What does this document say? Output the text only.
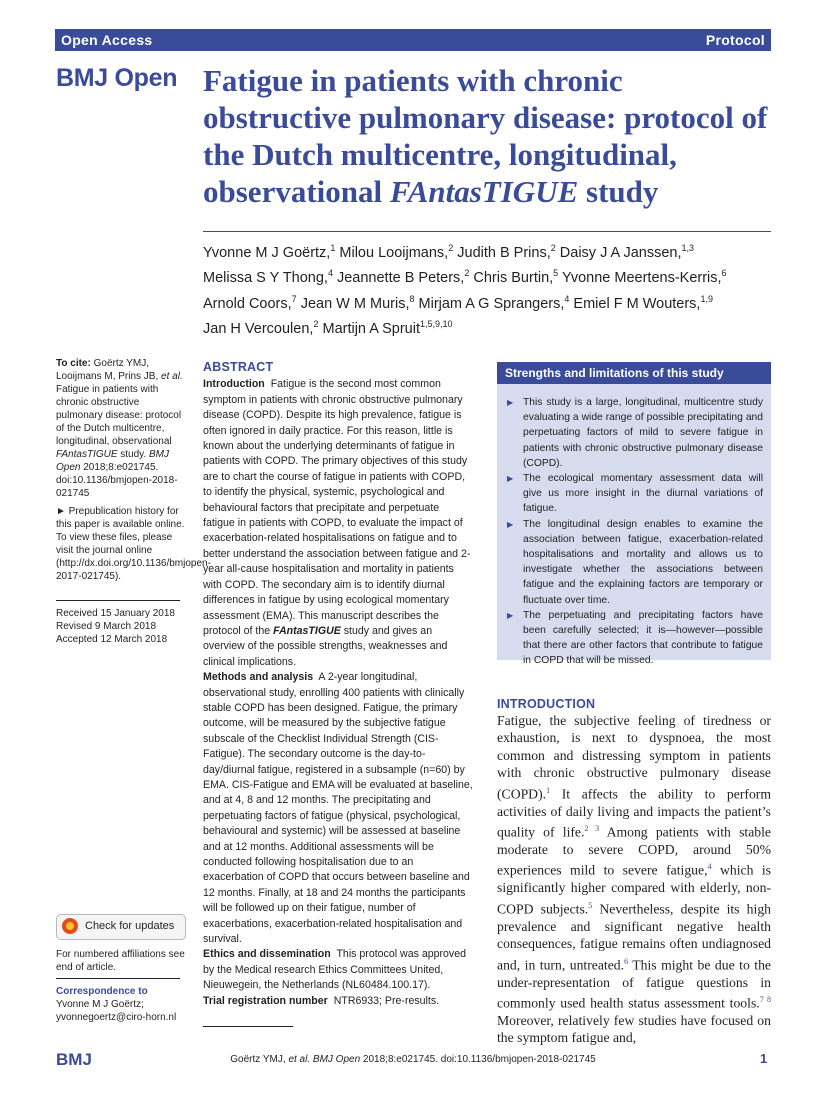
Open Access	Protocol
BMJ Open Fatigue in patients with chronic obstructive pulmonary disease: protocol of the Dutch multicentre, longitudinal, observational FAntasTIGUE study
Yvonne M J Goërtz,$^1$ Milou Looijmans,$^2$ Judith B Prins,$^2$ Daisy J A Janssen,$^{1,3}$
Melissa S Y Thong,$^4$ Jeannette B Peters,$^2$ Chris Burtin,$^5$ Yvonne Meertens-Kerris,$^6$
Arnold Coors,$^7$ Jean W M Muris,$^8$ Mirjam A G Sprangers,$^4$ Emiel F M Wouters,$^{1,9}$
Jan H Vercoulen,$^2$ Martijn A Spruit$^{1,5,9,10}$
To cite: Goërtz YMJ, Looijmans M, Prins JB, et al. Fatigue in patients with chronic obstructive pulmonary disease: protocol of the Dutch multicentre, longitudinal, observational FAntasTIGUE study. BMJ Open 2018;8:e021745. doi:10.1136/bmjopen-2018-021745
► Prepublication history for this paper is available online. To view these files, please visit the journal online (http://dx.doi.org/10.1136/bmjopen-2017-021745).
Received 15 January 2018
Revised 9 March 2018
Accepted 12 March 2018
Check for updates
For numbered affiliations see end of article.
Correspondence to
Yvonne M J Goërtz;
yvonnegoertz@ciro-horn.nl
ABSTRACT

Introduction Fatigue is the second most common symptom in patients with chronic obstructive pulmonary disease (COPD). Despite its high prevalence, fatigue is often ignored in daily practice. For this reason, little is known about the underlying determinants of fatigue in patients with COPD. The primary objectives of this study are to chart the course of fatigue in patients with COPD, to identify the physical, systemic, psychological and behavioural factors that precipitate and perpetuate fatigue in patients with COPD, to evaluate the impact of exacerbation-related hospitalisations on fatigue and to better understand the association between fatigue and 2-year all-cause hospitalisation and mortality in patients with COPD. The secondary aim is to identify diurnal differences in fatigue by using ecological momentary assessment (EMA). This manuscript describes the protocol of the FAntasTIGUE study and gives an overview of the possible strengths, weaknesses and clinical implications.

Methods and analysis A 2-year longitudinal, observational study, enrolling 400 patients with clinically stable COPD has been designed. Fatigue, the primary outcome, will be measured by the subjective fatigue subscale of the Checklist Individual Strength (CIS-Fatigue). The secondary outcome is the day-to-day/diurnal fatigue, registered in a subsample (n=60) by EMA. CIS-Fatigue and EMA will be evaluated at baseline, and at 4, 8 and 12 months. The precipitating and perpetuating factors of fatigue (physical, psychological, behavioural and systemic) will be assessed at baseline and at 12 months. Additional assessments will be conducted following hospitalisation due to an exacerbation of COPD that occurs between baseline and 12 months. Finally, at 18 and 24 months the participants will be followed up on their fatigue, number of exacerbations, exacerbation-related hospitalisation and survival.

Ethics and dissemination This protocol was approved by the Medical research Ethics Committees United, Nieuwegein, the Netherlands (NL60484.100.17).

Trial registration number NTR6933; Pre-results.

Strengths and limitations of this study
▶ This study is a large, longitudinal, multicentre study evaluating a wide range of possible precipitating and perpetuating factors of mild to severe fatigue in patients with chronic obstructive pulmonary disease (COPD).
▶ The ecological momentary assessment data will give us more insight in the diurnal variations of fatigue.
▶ The longitudinal design enables to examine the association between fatigue, exacerbation-related hospitalisations and mortality and allows us to investigate whether the associations between fatigue and the explaining factors are temporary or fluctuate over time.
▶ The perpetuating and precipitating factors have been carefully selected; it is—however—possible that there are other factors that contribute to fatigue in COPD that will be missed.
INTRODUCTION

Fatigue, the subjective feeling of tiredness or exhaustion, is next to dyspnoea, the most common and distressing symptom in patients with chronic obstructive pulmonary disease (COPD).$^1$ It affects the ability to perform activities of daily living and impacts the patient’s quality of life.$^{2 3}$ Among patients with stable moderate to severe COPD, around 50% experiences mild to severe fatigue,$^4$ which is significantly higher compared with elderly, non-COPD subjects.$^5$ Nevertheless, despite its high prevalence and significant negative health consequences, fatigue remains often undiagnosed and, in turn, untreated.$^6$ This might be due to the under-representation of fatigue questions in commonly used health status assessment tools.$^{7 8}$ Moreover, relatively few studies have focused on the symptom fatigue and,

BMJ	Goërtz YMJ, et al. BMJ Open 2018;8:e021745. doi:10.1136/bmjopen-2018-021745	1
